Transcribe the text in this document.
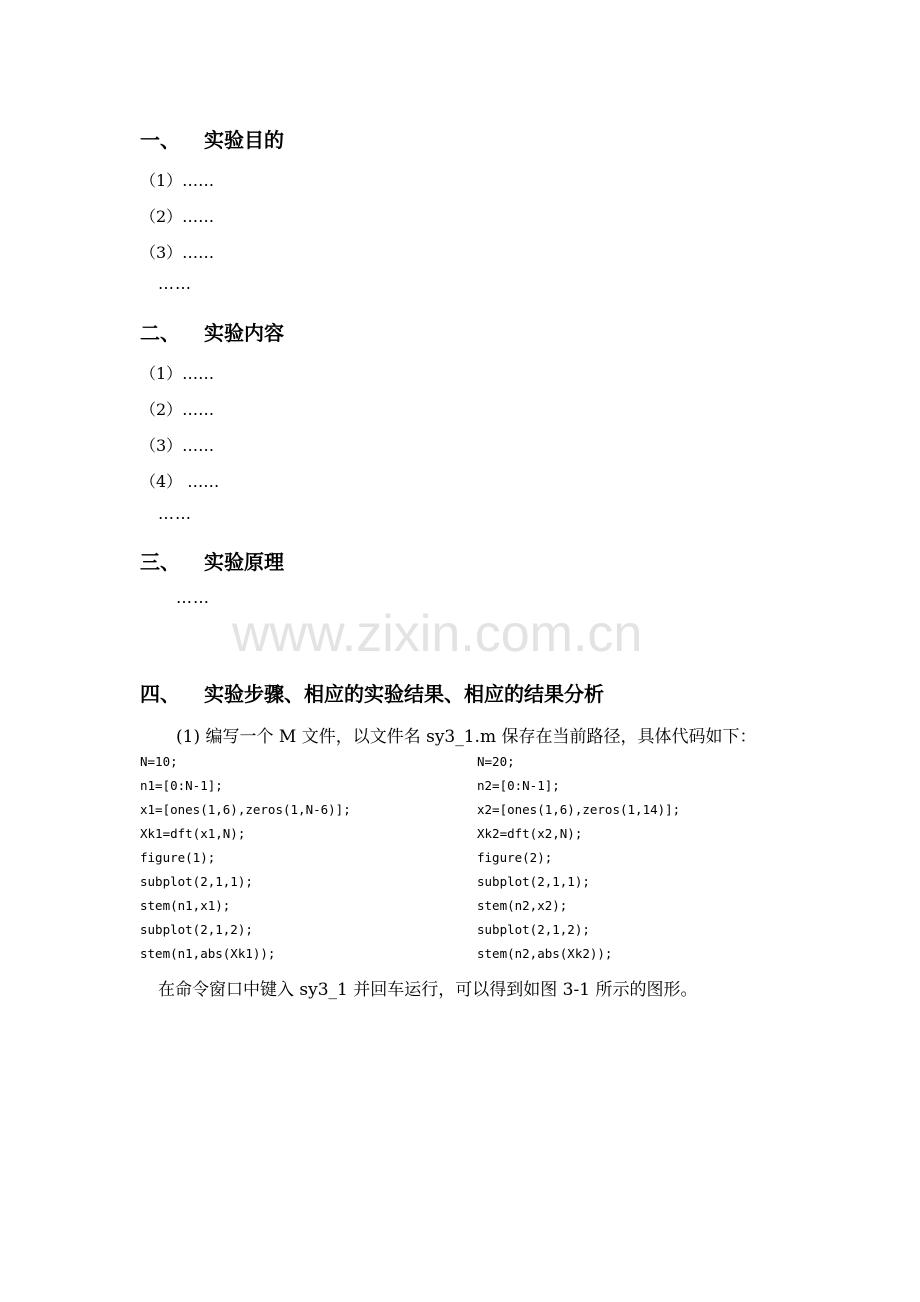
一、 实验目的
（1）……
（2）……
（3）……
……
二、 实验内容
（1）……
（2）……
（3）……
（4） ……
……
三、 实验原理
……
www.zixin.com.cn
四、 实验步骤、相应的实验结果、相应的结果分析
(1) 编写一个 M 文件，以文件名 sy3_1.m 保存在当前路径，具体代码如下：
N=10;
n1=[0:N-1];
x1=[ones(1,6),zeros(1,N-6)];
Xk1=dft(x1,N);
figure(1);
subplot(2,1,1);
stem(n1,x1);
subplot(2,1,2);
stem(n1,abs(Xk1));
N=20;
n2=[0:N-1];
x2=[ones(1,6),zeros(1,14)];
Xk2=dft(x2,N);
figure(2);
subplot(2,1,1);
stem(n2,x2);
subplot(2,1,2);
stem(n2,abs(Xk2));
在命令窗口中键入 sy3_1 并回车运行，可以得到如图 3-1 所示的图形。
